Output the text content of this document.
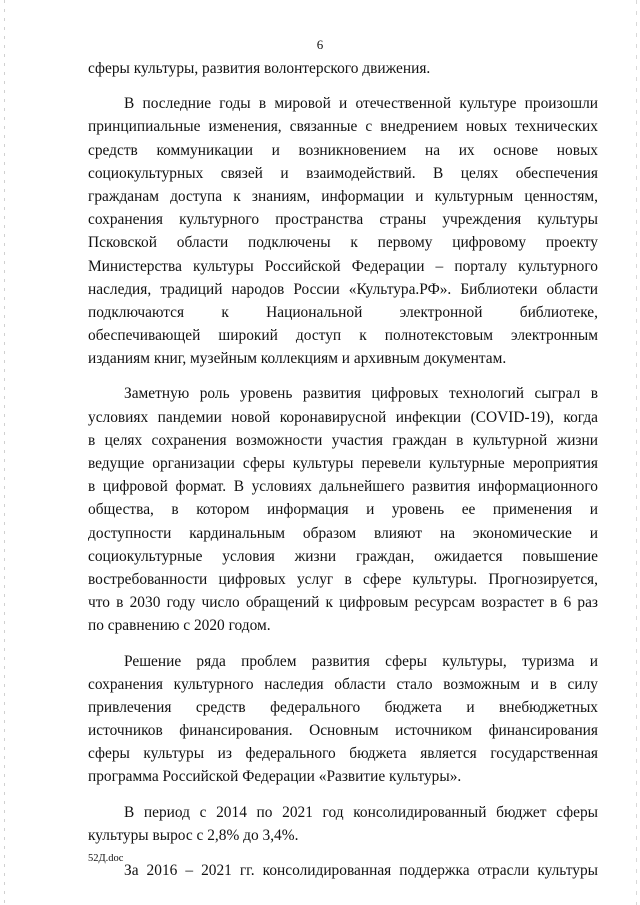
6
сферы культуры, развития волонтерского движения.
В последние годы в мировой и отечественной культуре произошли
принципиальные изменения, связанные с внедрением новых технических
средств коммуникации и возникновением на их основе новых
социокультурных связей и взаимодействий. В целях обеспечения
гражданам доступа к знаниям, информации и культурным ценностям,
сохранения культурного пространства страны учреждения культуры
Псковской области подключены к первому цифровому проекту
Министерства культуры Российской Федерации – порталу культурного
наследия, традиций народов России «Культура.РФ». Библиотеки области
подключаются к Национальной электронной библиотеке,
обеспечивающей широкий доступ к полнотекстовым электронным
изданиям книг, музейным коллекциям и архивным документам.
Заметную роль уровень развития цифровых технологий сыграл в
условиях пандемии новой коронавирусной инфекции (COVID-19), когда
в целях сохранения возможности участия граждан в культурной жизни
ведущие организации сферы культуры перевели культурные мероприятия
в цифровой формат. В условиях дальнейшего развития информационного
общества, в котором информация и уровень ее применения и
доступности кардинальным образом влияют на экономические и
социокультурные условия жизни граждан, ожидается повышение
востребованности цифровых услуг в сфере культуры. Прогнозируется,
что в 2030 году число обращений к цифровым ресурсам возрастет в 6 раз
по сравнению с 2020 годом.
Решение ряда проблем развития сферы культуры, туризма и
сохранения культурного наследия области стало возможным и в силу
привлечения средств федерального бюджета и внебюджетных
источников финансирования. Основным источником финансирования
сферы культуры из федерального бюджета является государственная
программа Российской Федерации «Развитие культуры».
В период с 2014 по 2021 год консолидированный бюджет сферы
культуры вырос с 2,8% до 3,4%.
За 2016 – 2021 гг. консолидированная поддержка отрасли культуры
52Д.doc
